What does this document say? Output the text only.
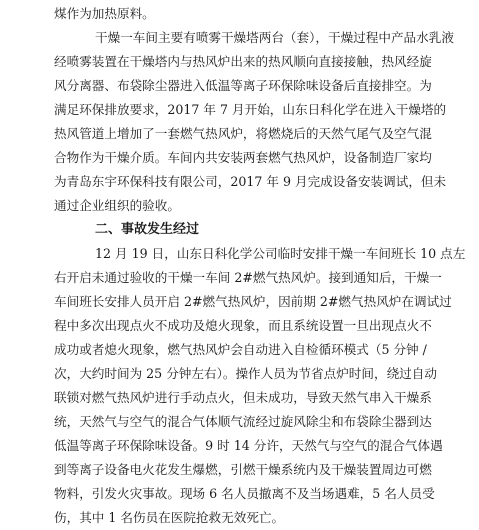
煤作为加热原料。
干燥一车间主要有喷雾干燥塔两台（套），干燥过程中产品水乳液
经喷雾装置在干燥塔内与热风炉出来的热风顺向直接接触，热风经旋
风分离器、布袋除尘器进入低温等离子环保除味设备后直接排空。为
满足环保排放要求，2017 年 7 月开始，山东日科化学在进入干燥塔的
热风管道上增加了一套燃气热风炉，将燃烧后的天然气尾气及空气混
合物作为干燥介质。车间内共安装两套燃气热风炉，设备制造厂家均
为青岛东宇环保科技有限公司，2017 年 9 月完成设备安装调试，但未
通过企业组织的验收。
二、事故发生经过
12 月 19 日，山东日科化学公司临时安排干燥一车间班长 10 点左
右开启未通过验收的干燥一车间 2#燃气热风炉。接到通知后，干燥一
车间班长安排人员开启 2#燃气热风炉，因前期 2#燃气热风炉在调试过
程中多次出现点火不成功及熄火现象，而且系统设置一旦出现点火不
成功或者熄火现象，燃气热风炉会自动进入自检循环模式（5 分钟 /
次，大约时间为 25 分钟左右）。操作人员为节省点炉时间，绕过自动
联锁对燃气热风炉进行手动点火，但未成功，导致天然气串入干燥系
统，天然气与空气的混合气体顺气流经过旋风除尘和布袋除尘器到达
低温等离子环保除味设备。9 时 14 分许，天然气与空气的混合气体遇
到等离子设备电火花发生爆燃，引燃干燥系统内及干燥装置周边可燃
物料，引发火灾事故。现场 6 名人员撤离不及当场遇难，5 名人员受
伤，其中 1 名伤员在医院抢救无效死亡。
